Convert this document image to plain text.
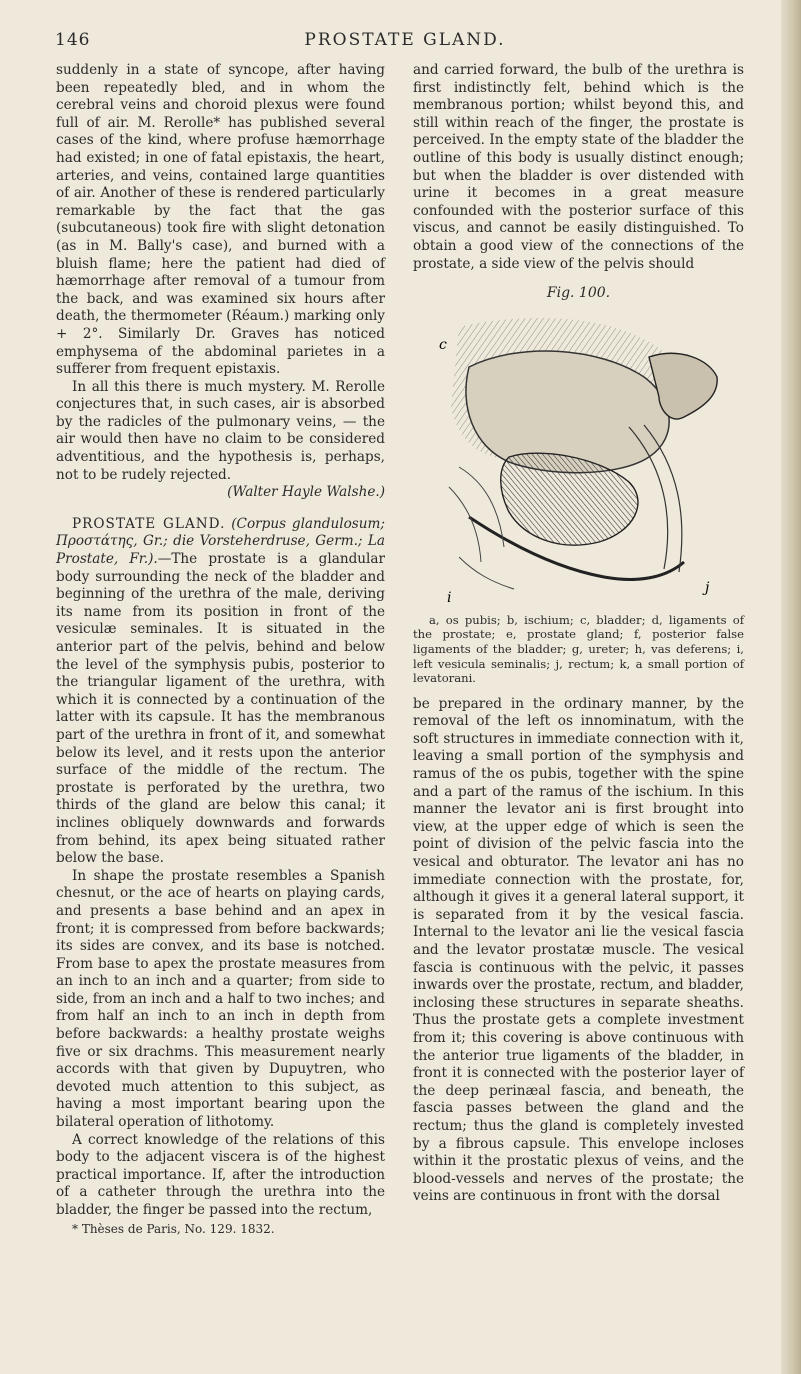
PROSTATE GLAND.
146

suddenly in a state of syncope, after having been repeatedly bled, and in whom the cerebral veins and choroid plexus were found full of air. M. Rerolle* has published several cases of the kind, where profuse hæmorrhage had existed; in one of fatal epistaxis, the heart, arteries, and veins, contained large quantities of air. Another of these is rendered particularly remarkable by the fact that the gas (subcutaneous) took fire with slight detonation (as in M. Bally's case), and burned with a bluish flame; here the patient had died of hæmorrhage after removal of a tumour from the back, and was examined six hours after death, the thermometer (Réaum.) marking only + 2°. Similarly Dr. Graves has noticed emphysema of the abdominal parietes in a sufferer from frequent epistaxis.

In all this there is much mystery. M. Rerolle conjectures that, in such cases, air is absorbed by the radicles of the pulmonary veins, — the air would then have no claim to be considered adventitious, and the hypothesis is, perhaps, not to be rudely rejected.

(Walter Hayle Walshe.)

PROSTATE GLAND. (Corpus glandulosum; Προστάτης, Gr.; die Vorsteherdruse, Germ.; La Prostate, Fr.).—The prostate is a glandular body surrounding the neck of the bladder and beginning of the urethra of the male, deriving its name from its position in front of the vesiculæ seminales. It is situated in the anterior part of the pelvis, behind and below the level of the symphysis pubis, posterior to the triangular ligament of the urethra, with which it is connected by a continuation of the latter with its capsule. It has the membranous part of the urethra in front of it, and somewhat below its level, and it rests upon the anterior surface of the middle of the rectum. The prostate is perforated by the urethra, two thirds of the gland are below this canal; it inclines obliquely downwards and forwards from behind, its apex being situated rather below the base.

In shape the prostate resembles a Spanish chesnut, or the ace of hearts on playing cards, and presents a base behind and an apex in front; it is compressed from before backwards; its sides are convex, and its base is notched. From base to apex the prostate measures from an inch to an inch and a quarter; from side to side, from an inch and a half to two inches; and from half an inch to an inch in depth from before backwards: a healthy prostate weighs five or six drachms. This measurement nearly accords with that given by Dupuytren, who devoted much attention to this subject, as having a most important bearing upon the bilateral operation of lithotomy.

A correct knowledge of the relations of this body to the adjacent viscera is of the highest practical importance. If, after the introduction of a catheter through the urethra into the bladder, the finger be passed into the rectum,

* Thèses de Paris, No. 129. 1832.

and carried forward, the bulb of the urethra is first indistinctly felt, behind which is the membranous portion; whilst beyond this, and still within reach of the finger, the prostate is perceived. In the empty state of the bladder the outline of this body is usually distinct enough; but when the bladder is over distended with urine it becomes in a great measure confounded with the posterior surface of this viscus, and cannot be easily distinguished. To obtain a good view of the connections of the prostate, a side view of the pelvis should

Fig. 100.

c
i
j

a, os pubis; b, ischium; c, bladder; d, ligaments of the prostate; e, prostate gland; f, posterior false ligaments of the bladder; g, ureter; h, vas deferens; i, left vesicula seminalis; j, rectum; k, a small portion of levatorani.

be prepared in the ordinary manner, by the removal of the left os innominatum, with the soft structures in immediate connection with it, leaving a small portion of the symphysis and ramus of the os pubis, together with the spine and a part of the ramus of the ischium. In this manner the levator ani is first brought into view, at the upper edge of which is seen the point of division of the pelvic fascia into the vesical and obturator. The levator ani has no immediate connection with the prostate, for, although it gives it a general lateral support, it is separated from it by the vesical fascia. Internal to the levator ani lie the vesical fascia and the levator prostatæ muscle. The vesical fascia is continuous with the pelvic, it passes inwards over the prostate, rectum, and bladder, inclosing these structures in separate sheaths. Thus the prostate gets a complete investment from it; this covering is above continuous with the anterior true ligaments of the bladder, in front it is connected with the posterior layer of the deep perinæal fascia, and beneath, the fascia passes between the gland and the rectum; thus the gland is completely invested by a fibrous capsule. This envelope incloses within it the prostatic plexus of veins, and the blood-vessels and nerves of the prostate; the veins are continuous in front with the dorsal
